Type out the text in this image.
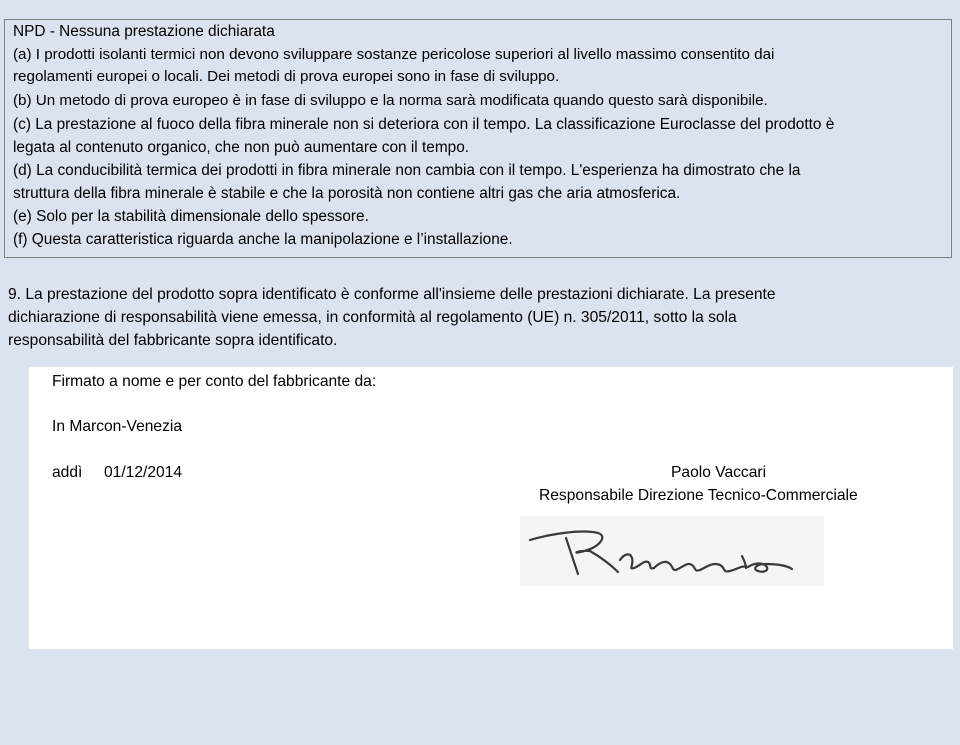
NPD - Nessuna prestazione dichiarata
(a) I prodotti isolanti termici non devono sviluppare sostanze pericolose superiori al livello massimo consentito dai
regolamenti europei o locali. Dei metodi di prova europei sono in fase di sviluppo.
(b) Un metodo di prova europeo è in fase di sviluppo e la norma sarà modificata quando questo sarà disponibile.
(c) La prestazione al fuoco della fibra minerale non si deteriora con il tempo. La classificazione Euroclasse del prodotto è
legata al contenuto organico, che non può aumentare con il tempo.
(d) La conducibilità termica dei prodotti in fibra minerale non cambia con il tempo. L'esperienza ha dimostrato che la
struttura della fibra minerale è stabile e che la porosità non contiene altri gas che aria atmosferica.
(e) Solo per la stabilità dimensionale dello spessore.
(f) Questa caratteristica riguarda anche la manipolazione e l’installazione.
9. La prestazione del prodotto sopra identificato è conforme all'insieme delle prestazioni dichiarate. La presente
dichiarazione di responsabilità viene emessa, in conformità al regolamento (UE) n. 305/2011, sotto la sola
responsabilità del fabbricante sopra identificato.
Firmato a nome e per conto del fabbricante da:
In Marcon-Venezia
addì 01/12/2014	Paolo Vaccari
Responsabile Direzione Tecnico-Commerciale
